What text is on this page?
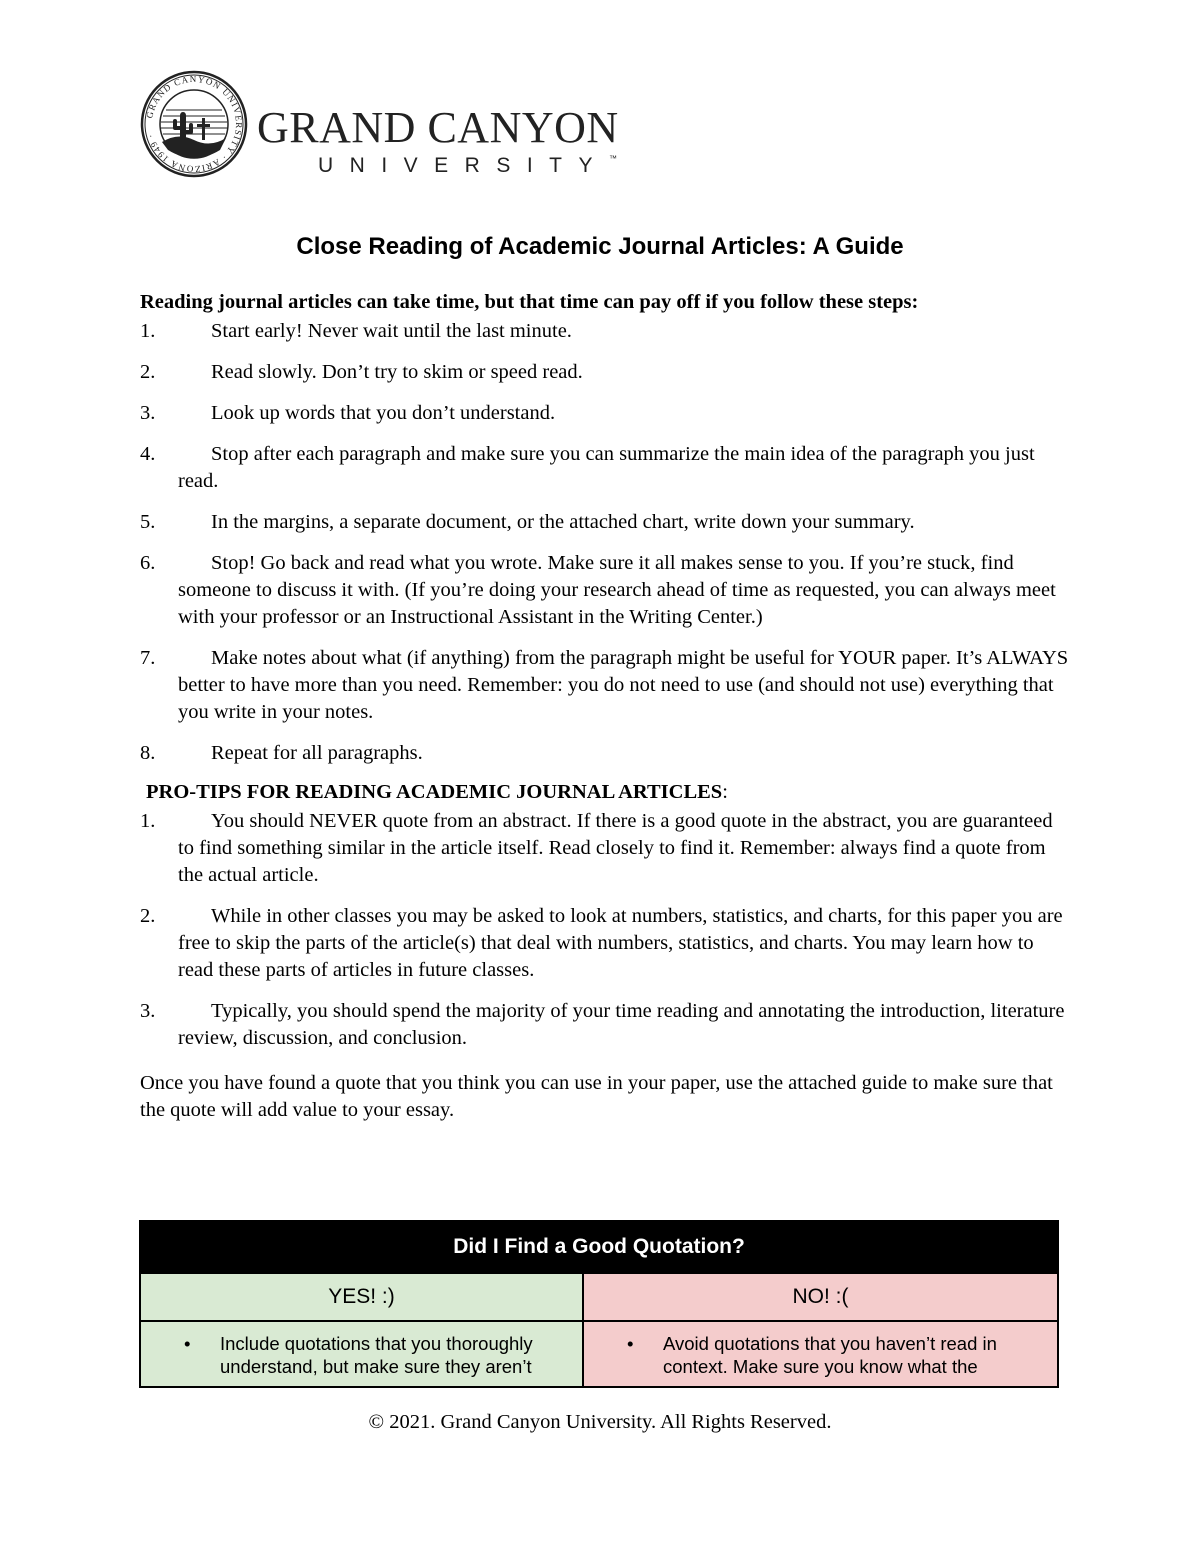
GRAND CANYON UNIVERSITY · ARIZONA 1949 ·	GRAND CANYON
UNIVERSITY™
Close Reading of Academic Journal Articles: A Guide

Reading journal articles can take time, but that time can pay off if you follow these steps:

1.	Start early! Never wait until the last minute.
2.	Read slowly. Don’t try to skim or speed read.
3.	Look up words that you don’t understand.
4.	Stop after each paragraph and make sure you can summarize the main idea of the paragraph you just read.
5.	In the margins, a separate document, or the attached chart, write down your summary.
6.	Stop! Go back and read what you wrote. Make sure it all makes sense to you. If you’re stuck, find someone to discuss it with. (If you’re doing your research ahead of time as requested, you can always meet with your professor or an Instructional Assistant in the Writing Center.)
7.	Make notes about what (if anything) from the paragraph might be useful for YOUR paper. It’s ALWAYS better to have more than you need. Remember: you do not need to use (and should not use) everything that you write in your notes.
8.	Repeat for all paragraphs.

PRO-TIPS FOR READING ACADEMIC JOURNAL ARTICLES:

1.	You should NEVER quote from an abstract. If there is a good quote in the abstract, you are guaranteed to find something similar in the article itself. Read closely to find it. Remember: always find a quote from the actual article.
2.	While in other classes you may be asked to look at numbers, statistics, and charts, for this paper you are free to skip the parts of the article(s) that deal with numbers, statistics, and charts. You may learn how to read these parts of articles in future classes.
3.	Typically, you should spend the majority of your time reading and annotating the introduction, literature review, discussion, and conclusion.

Once you have found a quote that you think you can use in your paper, use the attached guide to make sure that the quote will add value to your essay.

Did I Find a Good Quotation?	
YES! :)	NO! :(

• Include quotations that you thoroughly understand, but make sure they aren’t	• Avoid quotations that you haven’t read in context. Make sure you know what the
© 2021. Grand Canyon University. All Rights Reserved.
